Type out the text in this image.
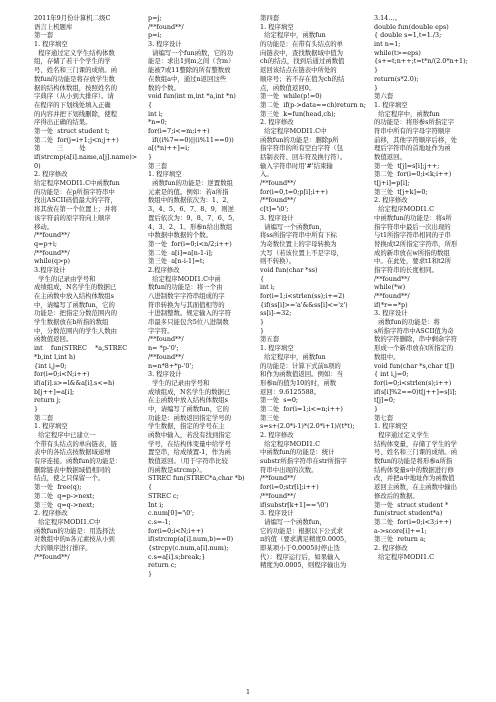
2011年9月份计算机二级C
语言上机题库
第一套
1. 程序填空
程序通过定义学生结构体数
组，存储了若干个学生的学
号、姓名和三门课的成绩。函
数fun的功能是将存放学生数
据的结构体数组，按照姓名的
字典序（从小到大排序）。请
在程序的下划线处填入正确
的内容并把下划线删除，使程
序得出正确的结果。
第一处  struct student t;
第二处  for(j=i+1;j<n;j++)
第        三        处
if(strcmp(a[i].name,a[j].name)>
0)
2. 程序修改
给定程序MODI1.C中函数fun
的功能是：在p所指字符串中
找出ASCII码值最大的字符，
将其放在第一个位置上；并将
该字符前的原字符向上顺序
移动。
/**found**/
q=p+i;
/**found**/
while(q>p)
3.程序设计
学生的记录由学号和
成绩组成，N名学生的数据已
在主函数中放入结构体数组s
中，请编写了函数fun，它的
功能是：把指定分数范围内的
学生数据放在b所指的数组
中，分数范围内的学生人数由
函数值返回。
int    fun(STREC    *a,STREC
*b,int l,int h)
{int i,j=0;
for(i=0;i<N;i++)
if(a[i].s>=l&&a[i].s<=h)
b[j++]=a[i];
return j;
}
第二套
1. 程序填空
给定程序中已建立一
个带有头结点的单向链表，链
表中的各结点按数据域递增
有序连接。函数fun的功能是：
删除链表中数据域值相同的
结点，使之只保留一个。
第一处  free(q);
第二处  q=p->next;
第三处  q=q->next;
2. 程序修改
给定程序MODI1.C中
函数fun的功能是：用选择法
对数组中的n各元素按从小到
大的顺序进行排序。
/**found**/
p=j;
/**found**/
p=i;
3. 程序设计
请编写一个fun函数，它的功
能是：求出1到m之间（含m）
能被7或11整除的所有整数放
在数组a中，通过n返回这些
数的个数。
void fun(int m,int *a,int *n)
{
int i;
*n=0;
for(i=7;i<=m;i++)
if((i%7==0)||(i%11==0))
a[(*n)++]=i;
}
第三套
1. 程序填空
函数fun的功能是：逆置数组
元素是的值。例如：若a所指
数组中的数据依次为：1、2、
3、4、5、6、7、8、9，则逆
置后依次为：9、8、7、6、5、
4、3、2、1。形参n给出数组
中数据中数据的个数。
第一处  for(i=0;i<n/2;i++)
第二处  a[i]=a[n-1-i];
第三处  a[n-i-1]=t;
2.程序修改
给定程序MODI1.C中函
数fun的功能是：将一个由
八进制数字字符串组成的字
符串转换为与其面值相等的
十进制整数。规定输入的字符
串最多只能包含5位八进制数
字字符。
/**found**/
n= *p-'0';
/**found**/
n=n*8+*p-'0';
3. 程序设计
学生的记录由学号和
成绩组成，N名学生的数据已
在主函数中放入结构体数组s
中，请编写了函数fun，它的
功能是：函数返回指定学号的
学生数据，指定的学号在主
函数中输入，若没有找到指定
学号，在结构体变量中给学号
置空串，给成绩置-1，作为函
数值返回。（用于字符串比较
的函数是strcmp）。
STREC fun(STREC*a,char *b)
{
STREC c;
Int i;
c.num[0]='\0';
c.s=-1;
for(i=0;i<N;i++)
if(strcmp(a[i].num,b)==0)
{strcpy(c.num,a[i].num);
c.s=a[i].s;break;}
return c;
}
第四套
1. 程序填空
给定程序中，函数fun
的功能是：在带有头结点的单
向链表中，查找数据域中值为
ch的结点，找到后通过函数值
返回该结点在链表中所处的
顺序号；若不存在值为ch的结
点，函数值返回0。
第一处  while(p!=0)
第二处  if(p->data==ch)return n;
第三处  k=fun(head,ch);
2. 程序修改
给定程序MODI1.C中
函数fun的功能是：删除p所
指字符串的所有空白字符（包
括制表符、回车符及换行符）。
输入字符串时用'#'结束输
入。
/**found**/
for(i=0,t=0;p[i];i++)
/**found**/
c[t]='\0';
3. 程序设计
请编写一个函数fun，
将ss所指字符串中所有下标
为奇数位置上的字母转换为
大写（若该位置上不是字母，
则不转换）。
void fun(char *ss)
{
int i;
for(i=1;i<strlen(ss);i+=2)
{if(ss[i]>='a'&&ss[i]<='z')
ss[i]-=32;
}
}
第五套
1. 程序填空
给定程序中，函数fun
的功能是：计算下式前n项的
和作为函数值返回。例如：当
形参n的值为10的时，函数
返回：9.6125588。
第一处  s=0;
第二处  for(i=1;i<=n;i++)
第三处
s=s+(2.0*i-1)*(2.0*i+1)/(t*t);
2. 程序修改
给定程序MODI1.C
中函数fun的功能是：统计
substr所指字符串在str所指字
符串中出现的次数。
/**found**/
for(i=0;str[i];i++)
/**found**/
if(substr[k+1]=='\0')
3. 程序设计
请编写一个函数fun，
它的功能是：根据以下公式求
π的值（要求满足精度0.0005，
即某项小于0.0005时停止迭
代）：程序运行后，如果输入
精度为0.0005，则程序输出为
3.14…。
double fun(double eps)
{ double s=1,t=1./3;
int n=1;
while(t>=eps)
{s+=t;n++;t=t*n/(2.0*n+1);
}
return(s*2.0);
}
第六套
1. 程序填空
给定程序中，函数fun
的功能是：将形参s所指定字
符串中所有的字母字符顺序
前移，其他字符顺序后移，处
理后字符串的首地址作为函
数值返回。
第一处  t[j]=s[i];j++;
第二处  for(i=0;i<k;i++)
t[j+i]=p[i];
第三处  t[j+k]=0;
2. 程序修改
给定程序MODI1.C
中函数fun的功能是：将s所
指字符串中最后一次出现的
与t1所指字符串相同的子串
替换成t2所指定字符串，所形
成的新串放在w所指的数组
中。在此处，要求t1和t2所
指字符串的长度相同。
/**found**/
while(*w)
/**found**/
if(*r==*p)
3. 程序设计
函数fun的功能是：将
s所指字符串中ASCII值为奇
数的字符删除，串中剩余字符
形成一个新串放在t所指定的
数组中。
void fun(char *s,char t[])
{ int i,j=0;
for(i=0;i<strlen(s);i++)
if(s[i]%2==0)t[j++]=s[i];
t[j]=0;
}
第七套
1. 程序填空
程序通过定义学生
结构体变量，存储了学生的学
号、姓名和三门课的成绩。函
数fun的功能是将形参a所指
结构体变量s中的数据进行修
改，并把a中地址作为函数值
返回主函数，在主函数中输出
修改后的数据。
第一处  struct student *
fun(struct student*a)
第二处  for(i=0;i<3;i++)
a->score[i]+=1;
第三处  return a;
2. 程序修改
给定程序MODI1.C
1
